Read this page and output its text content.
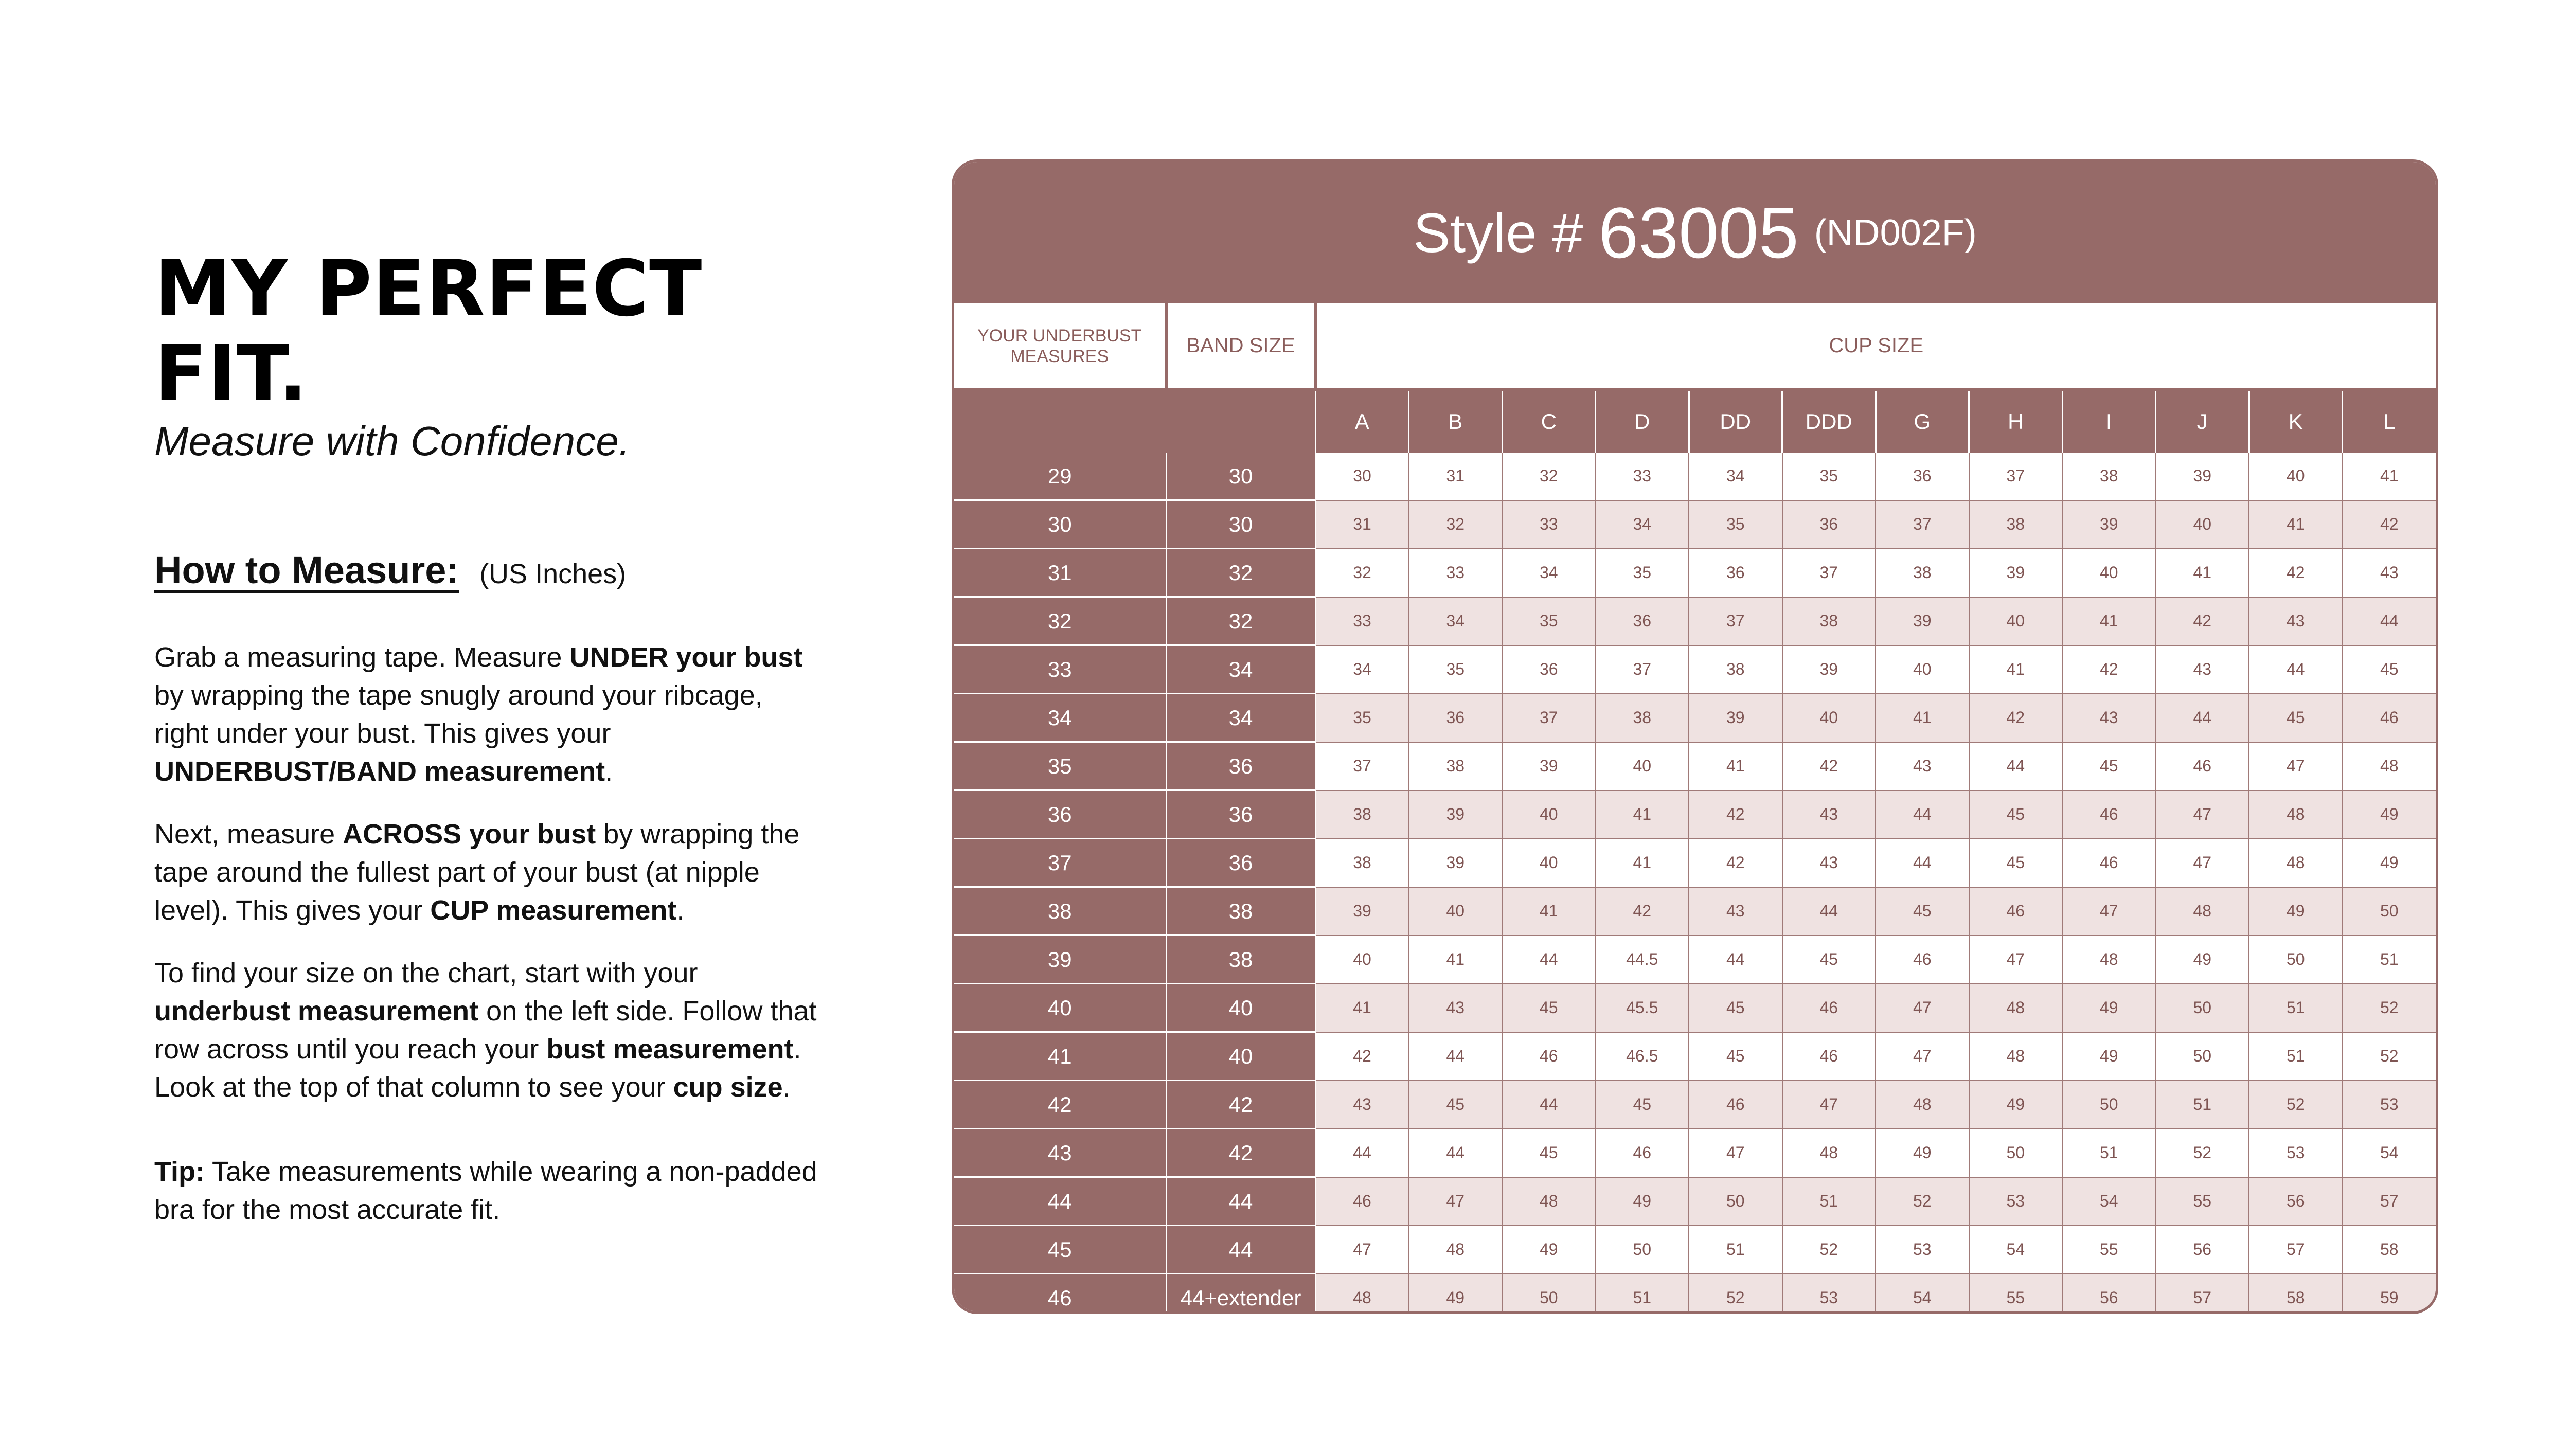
MY PERFECT FIT.

Measure with Confidence.

How to Measure: (US Inches)

Grab a measuring tape. Measure UNDER your bust by wrapping the tape snugly around your ribcage, right under your bust. This gives your UNDERBUST/BAND measurement.

Next, measure ACROSS your bust by wrapping the tape around the fullest part of your bust (at nipple level). This gives your CUP measurement.

To find your size on the chart, start with your underbust measurement on the left side. Follow that row across until you reach your bust measurement. Look at the top of that column to see your cup size.

Tip: Take measurements while wearing a non-padded bra for the most accurate fit.

Style # 63005 (ND002F)
YOUR UNDERBUST MEASURES	BAND SIZE	CUP SIZE											
		A	B	C	D	DD	DDD	G	H	I	J	K	L
29	30	30	31	32	33	34	35	36	37	38	39	40	41
30	30	31	32	33	34	35	36	37	38	39	40	41	42
31	32	32	33	34	35	36	37	38	39	40	41	42	43
32	32	33	34	35	36	37	38	39	40	41	42	43	44
33	34	34	35	36	37	38	39	40	41	42	43	44	45
34	34	35	36	37	38	39	40	41	42	43	44	45	46
35	36	37	38	39	40	41	42	43	44	45	46	47	48
36	36	38	39	40	41	42	43	44	45	46	47	48	49
37	36	38	39	40	41	42	43	44	45	46	47	48	49
38	38	39	40	41	42	43	44	45	46	47	48	49	50
39	38	40	41	44	44.5	44	45	46	47	48	49	50	51
40	40	41	43	45	45.5	45	46	47	48	49	50	51	52
41	40	42	44	46	46.5	45	46	47	48	49	50	51	52
42	42	43	45	44	45	46	47	48	49	50	51	52	53
43	42	44	44	45	46	47	48	49	50	51	52	53	54
44	44	46	47	48	49	50	51	52	53	54	55	56	57
45	44	47	48	49	50	51	52	53	54	55	56	57	58
46	44+extender	48	49	50	51	52	53	54	55	56	57	58	59
